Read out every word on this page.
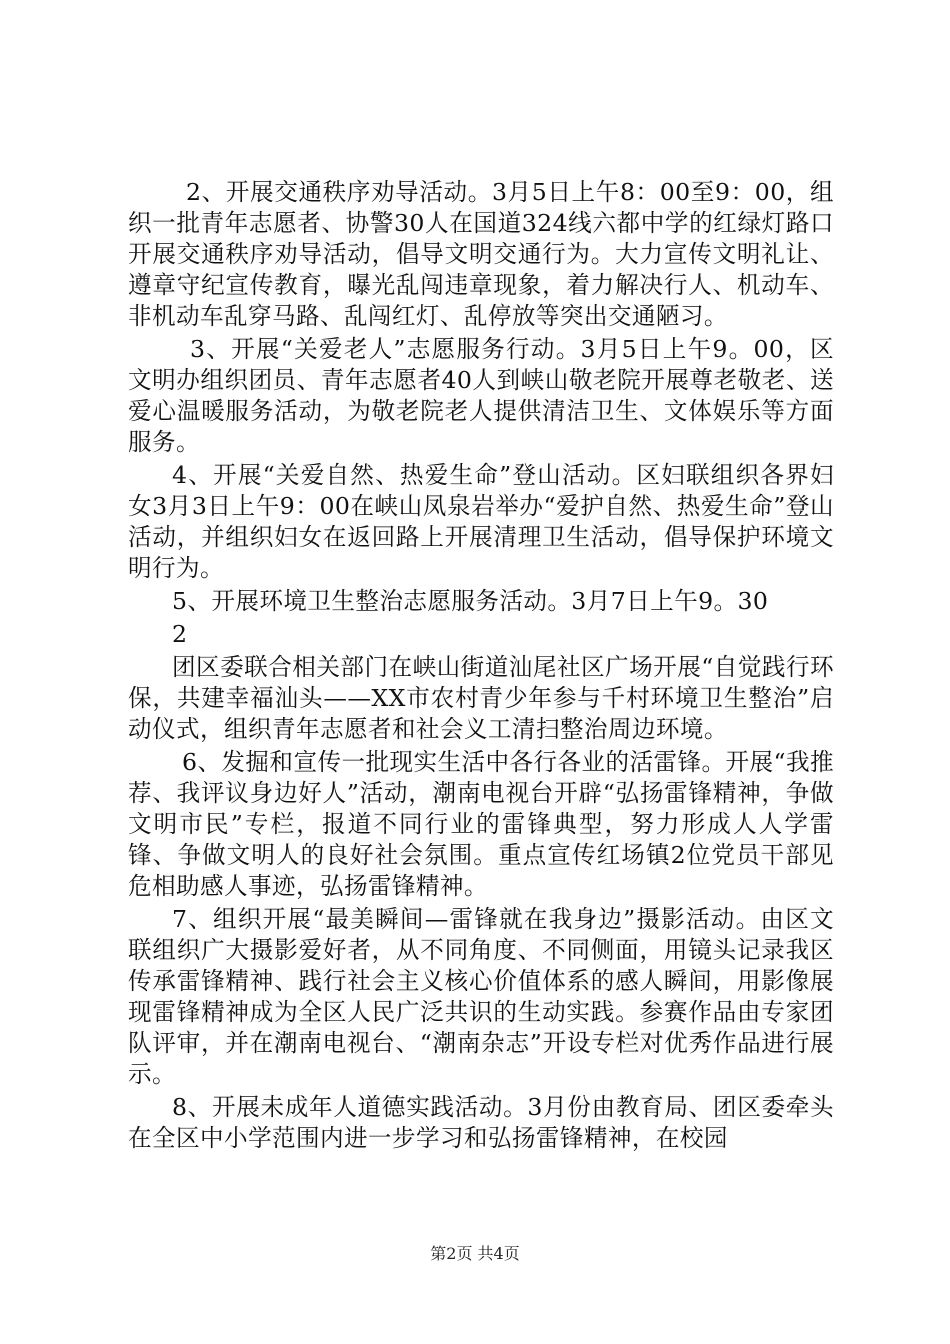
2、开展交通秩序劝导活动。3月5日上午8：00至9：00，组织一批青年志愿者、协警30人在国道324线六都中学的红绿灯路口开展交通秩序劝导活动，倡导文明交通行为。大力宣传文明礼让、遵章守纪宣传教育，曝光乱闯违章现象，着力解决行人、机动车、非机动车乱穿马路、乱闯红灯、乱停放等突出交通陋习。

3、开展“关爱老人”志愿服务行动。3月5日上午9。00，区文明办组织团员、青年志愿者40人到峡山敬老院开展尊老敬老、送爱心温暖服务活动，为敬老院老人提供清洁卫生、文体娱乐等方面服务。

4、开展“关爱自然、热爱生命”登山活动。区妇联组织各界妇女3月3日上午9：00在峡山凤泉岩举办“爱护自然、热爱生命”登山活动，并组织妇女在返回路上开展清理卫生活动，倡导保护环境文明行为。

5、开展环境卫生整治志愿服务活动。3月7日上午9。30

2

团区委联合相关部门在峡山街道汕尾社区广场开展“自觉践行环保，共建幸福汕头——XX市农村青少年参与千村环境卫生整治”启动仪式，组织青年志愿者和社会义工清扫整治周边环境。

6、发掘和宣传一批现实生活中各行各业的活雷锋。开展“我推荐、我评议身边好人”活动，潮南电视台开辟“弘扬雷锋精神，争做文明市民”专栏，报道不同行业的雷锋典型，努力形成人人学雷锋、争做文明人的良好社会氛围。重点宣传红场镇2位党员干部见危相助感人事迹，弘扬雷锋精神。

7、组织开展“最美瞬间—雷锋就在我身边”摄影活动。由区文联组织广大摄影爱好者，从不同角度、不同侧面，用镜头记录我区传承雷锋精神、践行社会主义核心价值体系的感人瞬间，用影像展现雷锋精神成为全区人民广泛共识的生动实践。参赛作品由专家团队评审，并在潮南电视台、“潮南杂志”开设专栏对优秀作品进行展示。

8、开展未成年人道德实践活动。3月份由教育局、团区委牵头在全区中小学范围内进一步学习和弘扬雷锋精神，在校园

第2页 共4页
